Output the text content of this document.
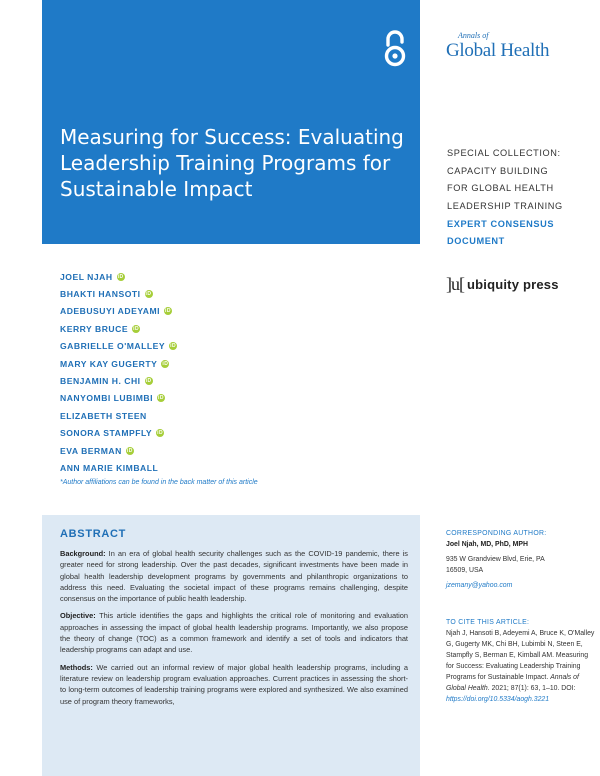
Measuring for Success: Evaluating Leadership Training Programs for Sustainable Impact
Annals of
Global Health
SPECIAL COLLECTION:
CAPACITY BUILDING
FOR GLOBAL HEALTH
LEADERSHIP TRAINING
EXPERT CONSENSUS
DOCUMENT
]u[ ubiquity press
JOEL NJAH iD
BHAKTI HANSOTI iD
ADEBUSUYI ADEYAMI iD
KERRY BRUCE iD
GABRIELLE O'MALLEY iD
MARY KAY GUGERTY iD
BENJAMIN H. CHI iD
NANYOMBI LUBIMBI iD
ELIZABETH STEEN
SONORA STAMPFLY iD
EVA BERMAN iD
ANN MARIE KIMBALL
*Author affiliations can be found in the back matter of this article
ABSTRACT

Background: In an era of global health security challenges such as the COVID-19 pandemic, there is greater need for strong leadership. Over the past decades, significant investments have been made in global health leadership development programs by governments and philanthropic organizations to address this need. Evaluating the societal impact of these programs remains challenging, despite consensus on the importance of public health leadership.

Objective: This article identifies the gaps and highlights the critical role of monitoring and evaluation approaches in assessing the impact of global health leadership programs. Importantly, we also propose the theory of change (TOC) as a common framework and identify a set of tools and indicators that leadership programs can adapt and use.

Methods: We carried out an informal review of major global health leadership programs, including a literature review on leadership program evaluation approaches. Current practices in assessing the short- to long-term outcomes of leadership training programs were explored and synthesized. We also examined use of program theory frameworks,

CORRESPONDING AUTHOR:
Joel Njah, MD, PhD, MPH
935 W Grandview Blvd, Erie, PA
16509, USA
jzemany@yahoo.com
TO CITE THIS ARTICLE:
Njah J, Hansoti B, Adeyemi A, Bruce K, O'Malley G, Gugerty MK, Chi BH, Lubimbi N, Steen E, Stampfly S, Berman E, Kimball AM. Measuring for Success: Evaluating Leadership Training Programs for Sustainable Impact. Annals of Global Health. 2021; 87(1): 63, 1–10. DOI: https://doi.org/10.5334/aogh.3221
